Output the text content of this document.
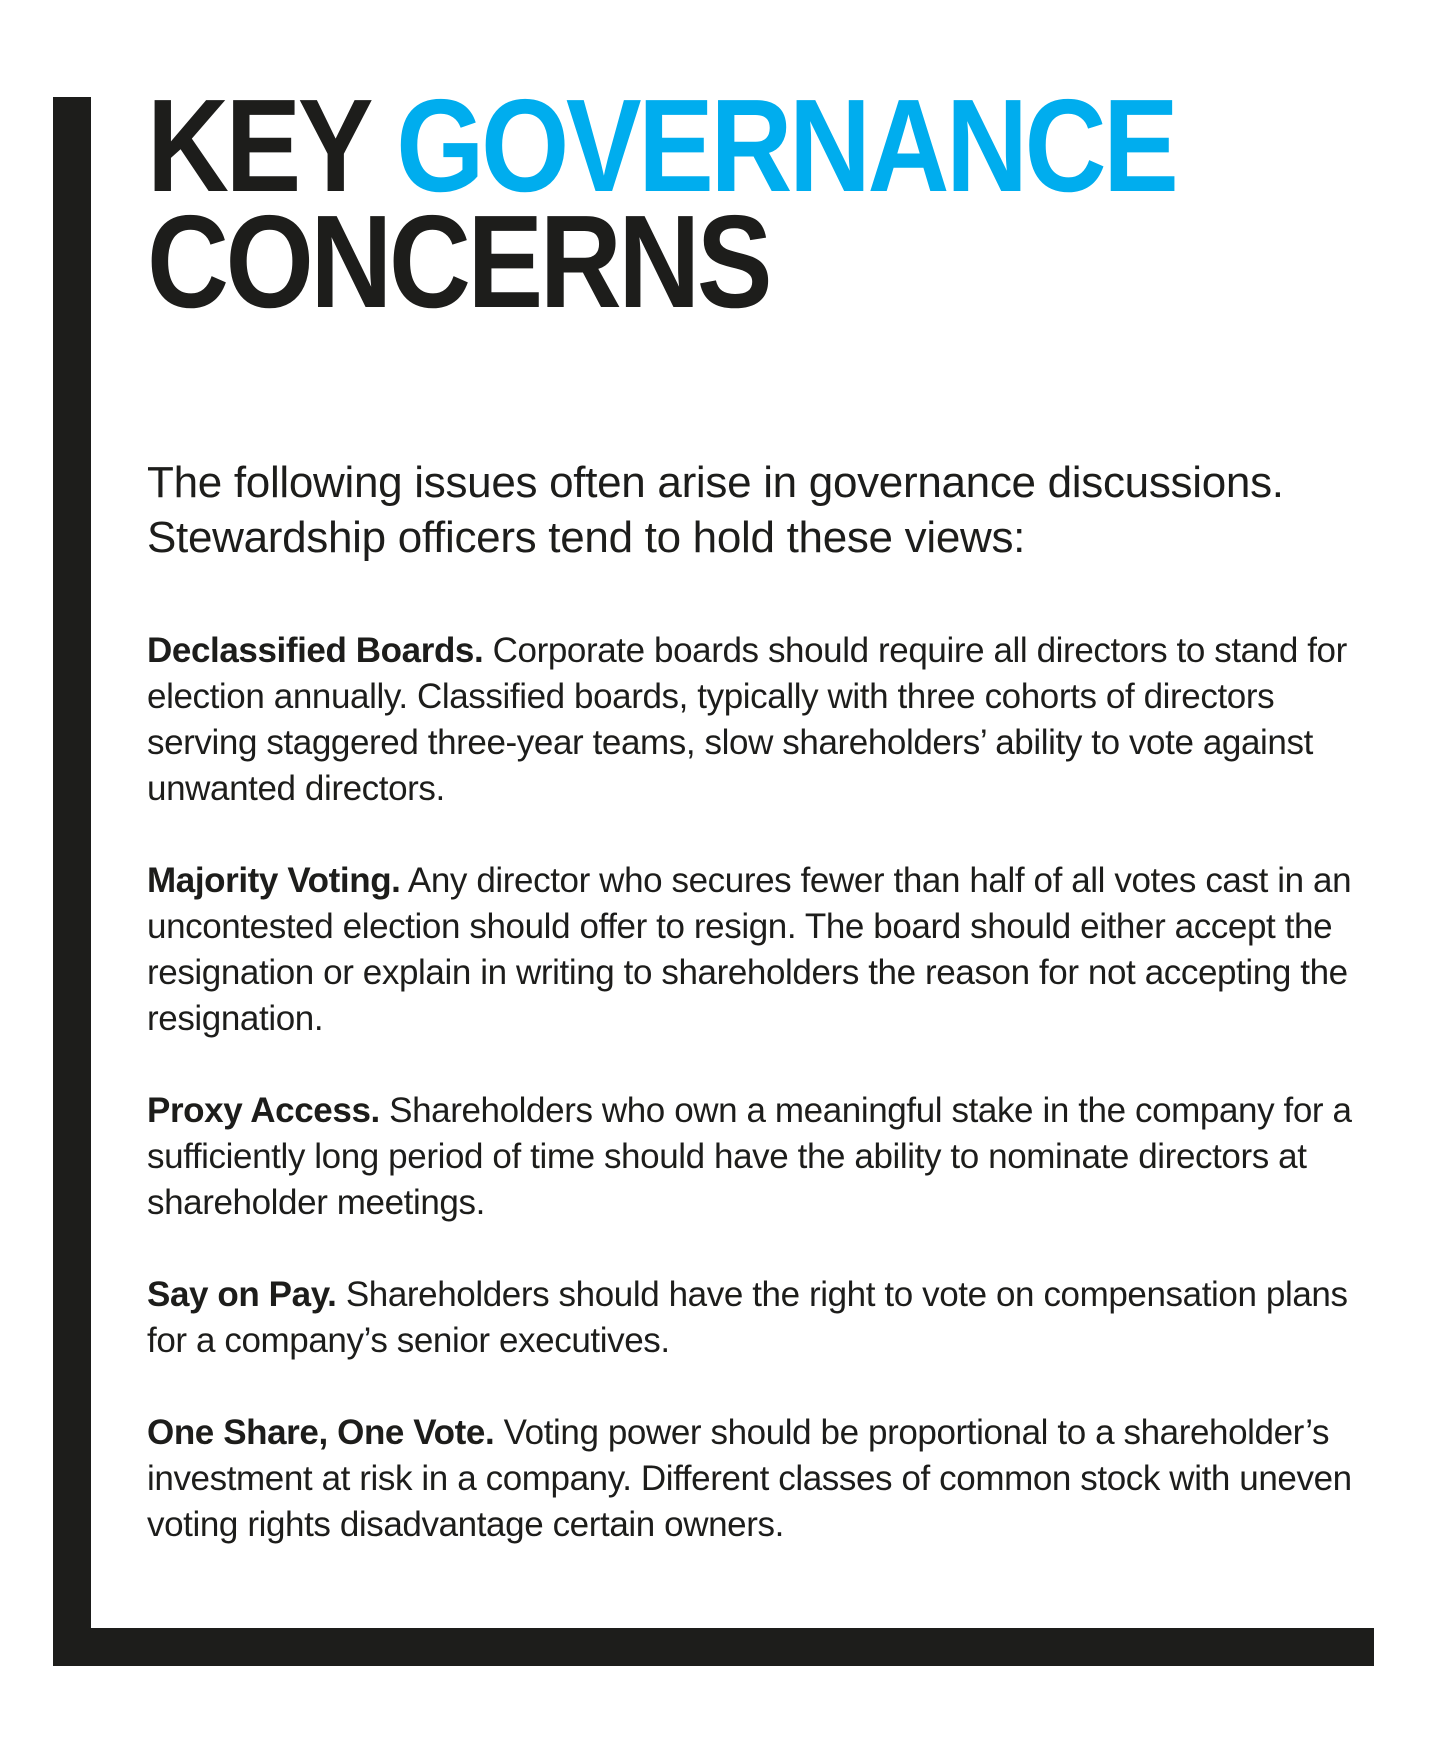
KEY GOVERNANCE
CONCERNS

The following issues often arise in governance discussions. Stewardship officers tend to hold these views:

Declassified Boards. Corporate boards should require all directors to stand for election annually. Classified boards, typically with three cohorts of directors serving staggered three-year teams, slow shareholders’ ability to vote against unwanted directors.

Majority Voting. Any director who secures fewer than half of all votes cast in an uncontested election should offer to resign. The board should either accept the resignation or explain in writing to shareholders the reason for not accepting the resignation.

Proxy Access. Shareholders who own a meaningful stake in the company for a sufficiently long period of time should have the ability to nominate directors at shareholder meetings.

Say on Pay. Shareholders should have the right to vote on compensation plans for a company’s senior executives.

One Share, One Vote. Voting power should be proportional to a shareholder’s investment at risk in a company. Different classes of common stock with uneven voting rights disadvantage certain owners.
